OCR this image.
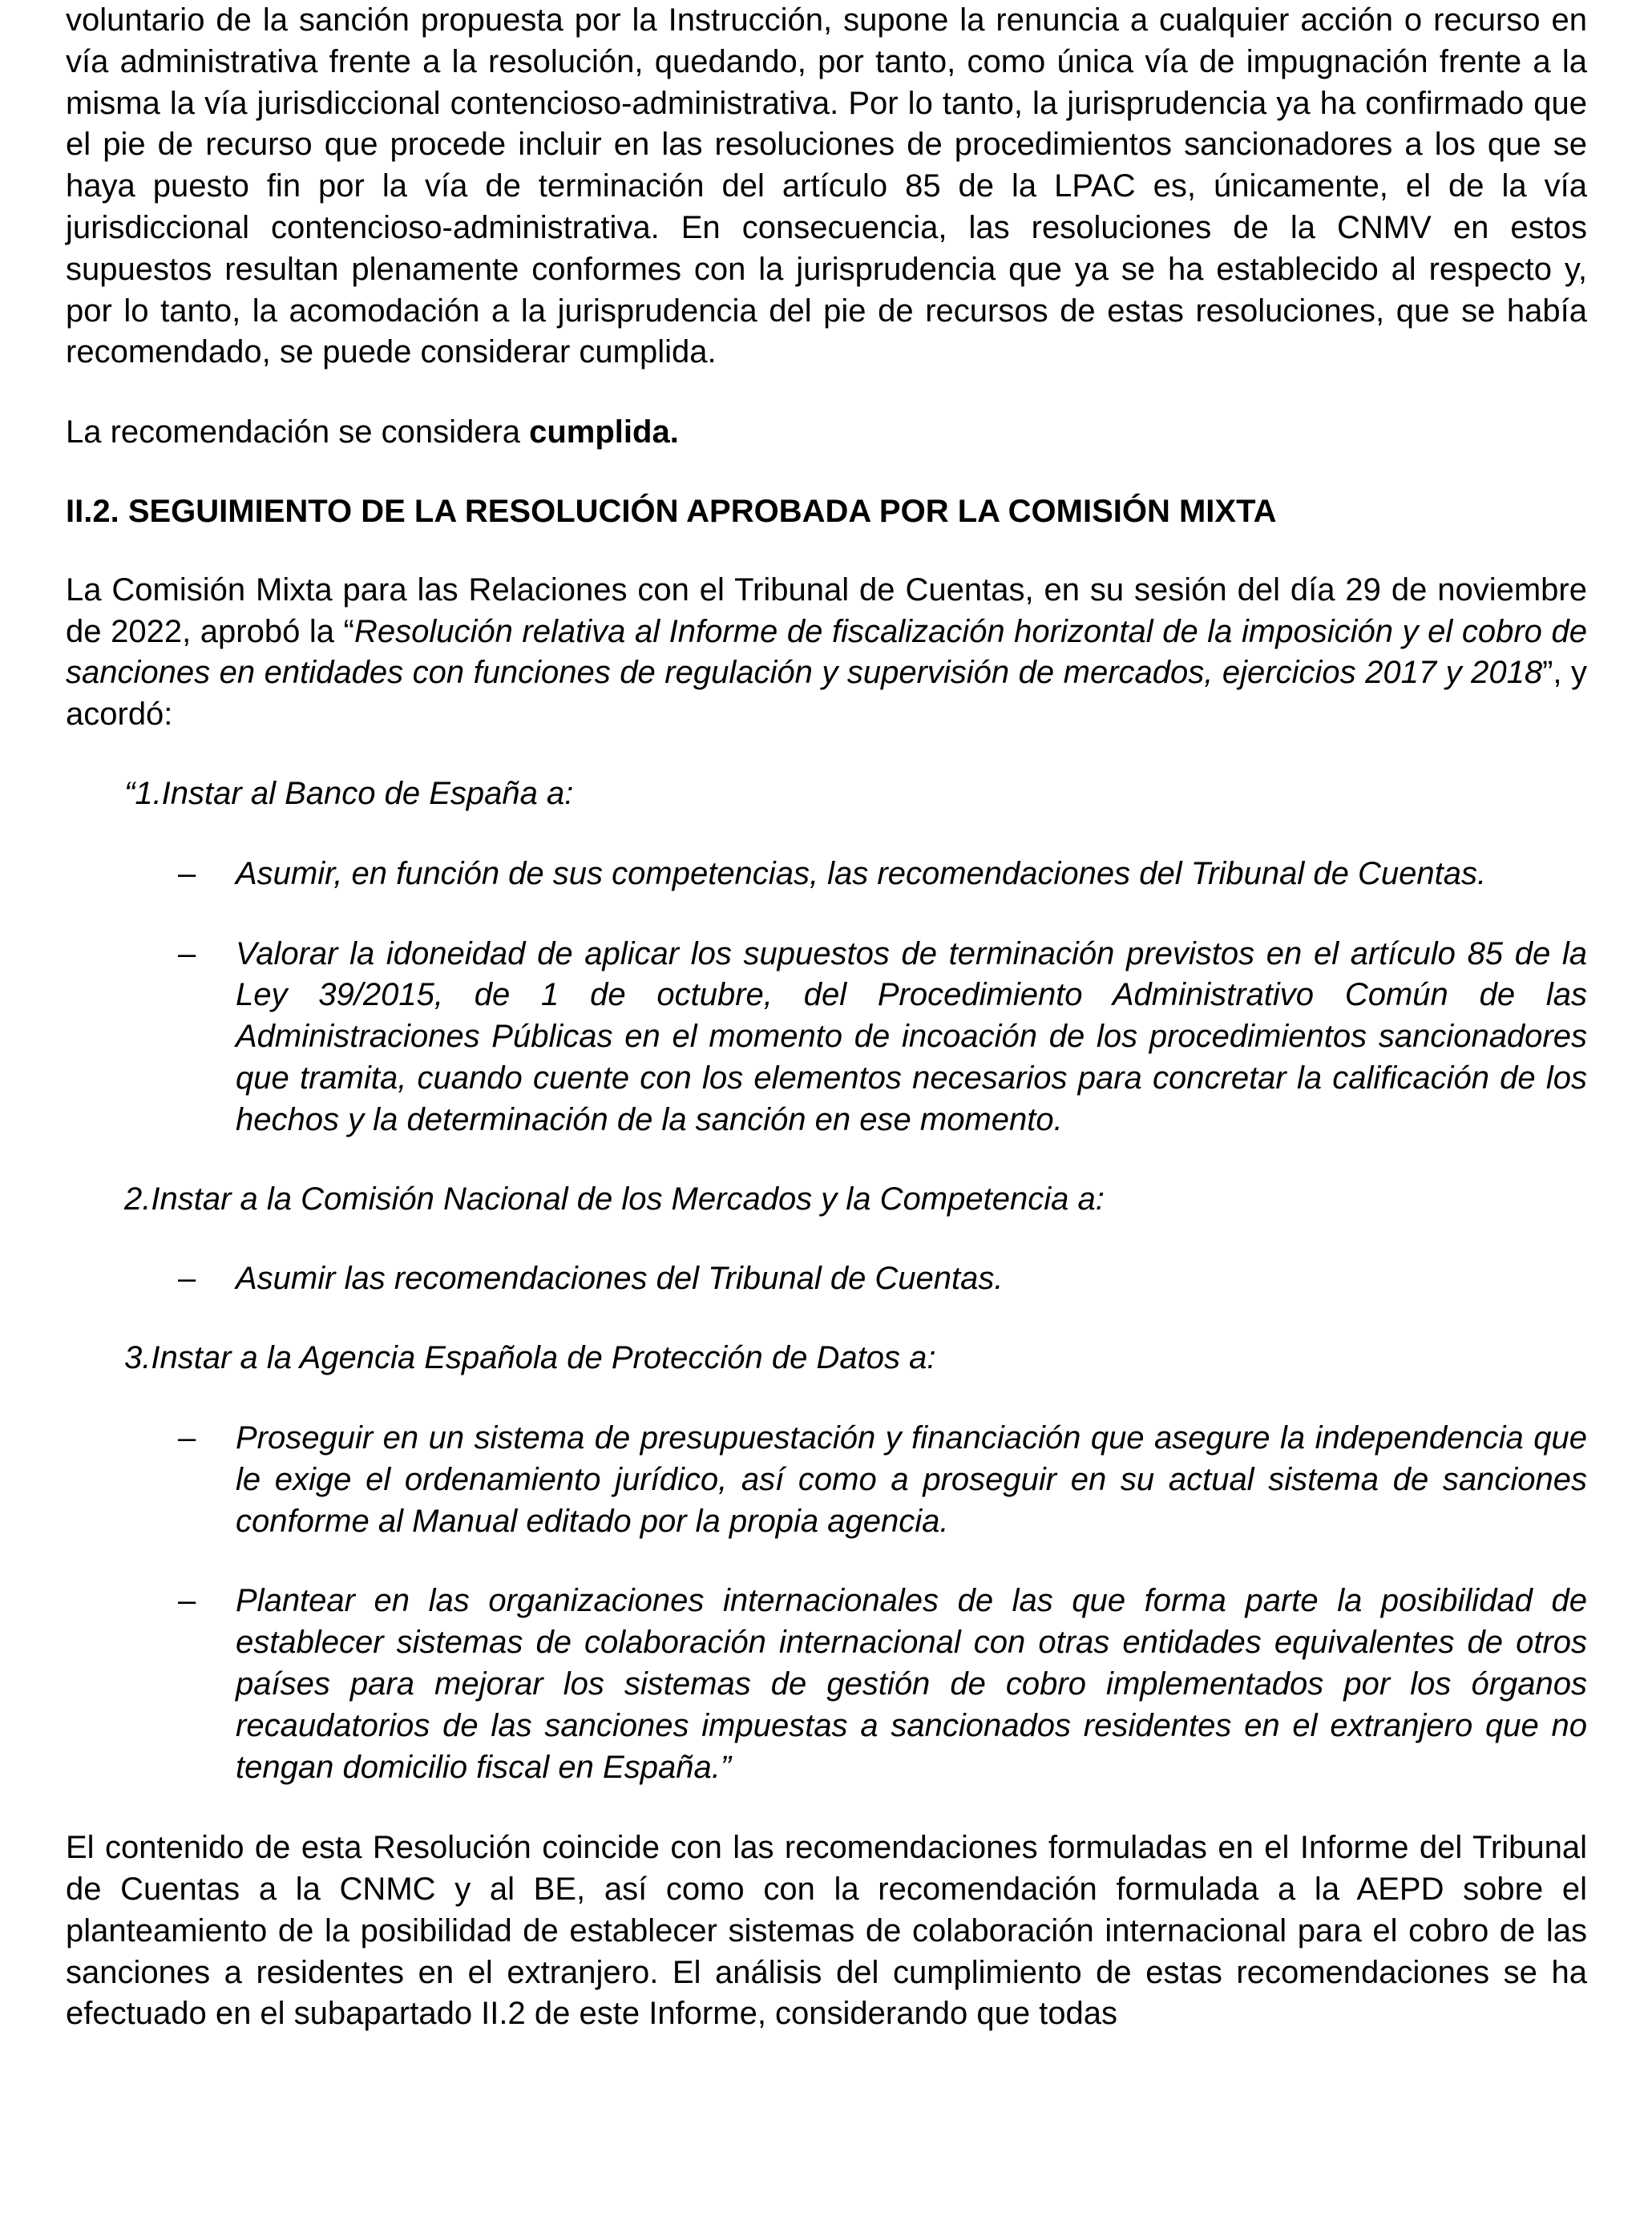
voluntario de la sanción propuesta por la Instrucción, supone la renuncia a cualquier acción o recurso en vía administrativa frente a la resolución, quedando, por tanto, como única vía de impugnación frente a la misma la vía jurisdiccional contencioso-administrativa. Por lo tanto, la jurisprudencia ya ha confirmado que el pie de recurso que procede incluir en las resoluciones de procedimientos sancionadores a los que se haya puesto fin por la vía de terminación del artículo 85 de la LPAC es, únicamente, el de la vía jurisdiccional contencioso-administrativa. En consecuencia, las resoluciones de la CNMV en estos supuestos resultan plenamente conformes con la jurisprudencia que ya se ha establecido al respecto y, por lo tanto, la acomodación a la jurisprudencia del pie de recursos de estas resoluciones, que se había recomendado, se puede considerar cumplida.

La recomendación se considera cumplida.

II.2. SEGUIMIENTO DE LA RESOLUCIÓN APROBADA POR LA COMISIÓN MIXTA

La Comisión Mixta para las Relaciones con el Tribunal de Cuentas, en su sesión del día 29 de noviembre de 2022, aprobó la “Resolución relativa al Informe de fiscalización horizontal de la imposición y el cobro de sanciones en entidades con funciones de regulación y supervisión de mercados, ejercicios 2017 y 2018”, y acordó:

“1.Instar al Banco de España a:

– Asumir, en función de sus competencias, las recomendaciones del Tribunal de Cuentas.

– Valorar la idoneidad de aplicar los supuestos de terminación previstos en el artículo 85 de la Ley 39/2015, de 1 de octubre, del Procedimiento Administrativo Común de las Administraciones Públicas en el momento de incoación de los procedimientos sancionadores que tramita, cuando cuente con los elementos necesarios para concretar la calificación de los hechos y la determinación de la sanción en ese momento.

2.Instar a la Comisión Nacional de los Mercados y la Competencia a:

– Asumir las recomendaciones del Tribunal de Cuentas.

3.Instar a la Agencia Española de Protección de Datos a:

– Proseguir en un sistema de presupuestación y financiación que asegure la independencia que le exige el ordenamiento jurídico, así como a proseguir en su actual sistema de sanciones conforme al Manual editado por la propia agencia.

– Plantear en las organizaciones internacionales de las que forma parte la posibilidad de establecer sistemas de colaboración internacional con otras entidades equivalentes de otros países para mejorar los sistemas de gestión de cobro implementados por los órganos recaudatorios de las sanciones impuestas a sancionados residentes en el extranjero que no tengan domicilio fiscal en España.”

El contenido de esta Resolución coincide con las recomendaciones formuladas en el Informe del Tribunal de Cuentas a la CNMC y al BE, así como con la recomendación formulada a la AEPD sobre el planteamiento de la posibilidad de establecer sistemas de colaboración internacional para el cobro de las sanciones a residentes en el extranjero. El análisis del cumplimiento de estas recomendaciones se ha efectuado en el subapartado II.2 de este Informe, considerando que todas
